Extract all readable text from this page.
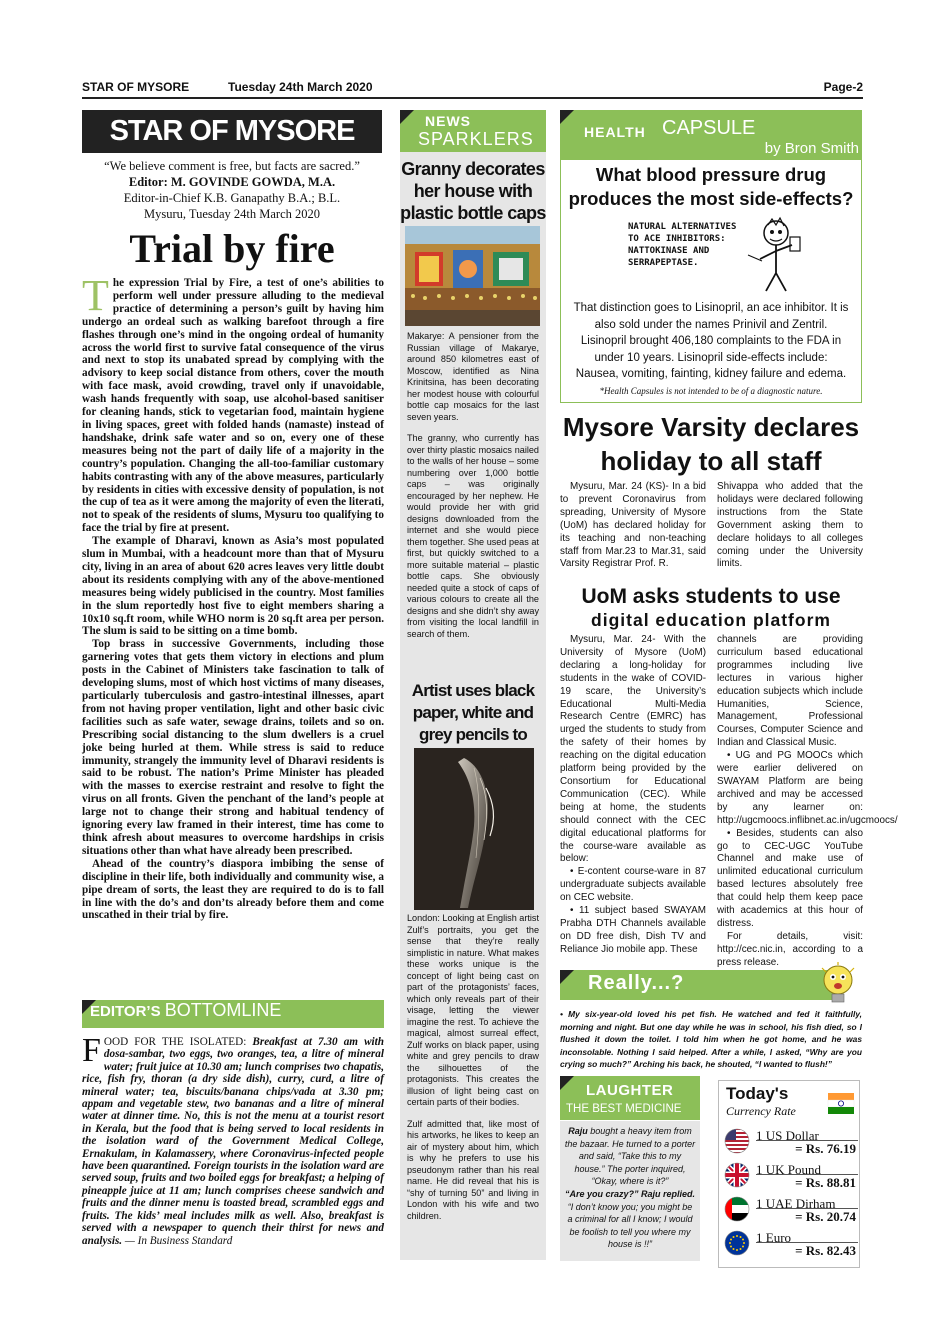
STAR OF MYSORE	Tuesday 24th March 2020	Page-2
STAR OF MYSORE
“We believe comment is free, but facts are sacred.”
Editor: M. GOVINDE GOWDA, M.A.
Editor-in-Chief K.B. Ganapathy B.A.; B.L.
Mysuru, Tuesday 24th March 2020
Trial by fire

The expression Trial by Fire, a test of one’s abilities to perform well under pressure alluding to the medieval practice of determining a person’s guilt by having him undergo an ordeal such as walking barefoot through a fire flashes through one’s mind in the ongoing ordeal of humanity across the world first to survive fatal consequence of the virus and next to stop its unabated spread by complying with the advisory to keep social distance from others, cover the mouth with face mask, avoid crowding, travel only if unavoidable, wash hands frequently with soap, use alcohol-based sanitiser for cleaning hands, stick to vegetarian food, maintain hygiene in living spaces, greet with folded hands (namaste) instead of handshake, drink safe water and so on, every one of these measures being not the part of daily life of a majority in the country’s population. Changing the all-too-familiar customary habits contrasting with any of the above measures, particularly by residents in cities with excessive density of population, is not the cup of tea as it were among the majority of even the literati, not to speak of the residents of slums, Mysuru too qualifying to face the trial by fire at present.

The example of Dharavi, known as Asia’s most populated slum in Mumbai, with a headcount more than that of Mysuru city, living in an area of about 620 acres leaves very little doubt about its residents complying with any of the above-mentioned measures being widely publicised in the country. Most families in the slum reportedly host five to eight members sharing a 10x10 sq.ft room, while WHO norm is 20 sq.ft area per person. The slum is said to be sitting on a time bomb.

Top brass in successive Governments, including those garnering votes that gets them victory in elections and plum posts in the Cabinet of Ministers take fascination to talk of developing slums, most of which host victims of many diseases, particularly tuberculosis and gastro-intestinal illnesses, apart from not having proper ventilation, light and other basic civic facilities such as safe water, sewage drains, toilets and so on. Prescribing social distancing to the slum dwellers is a cruel joke being hurled at them. While stress is said to reduce immunity, strangely the immunity level of Dharavi residents is said to be robust. The nation’s Prime Minister has pleaded with the masses to exercise restraint and resolve to fight the virus on all fronts. Given the penchant of the land’s people at large not to change their strong and habitual tendency of ignoring every law framed in their interest, time has come to think afresh about measures to overcome hardships in crisis situations other than what have already been prescribed.

Ahead of the country’s diaspora imbibing the sense of discipline in their life, both individually and community wise, a pipe dream of sorts, the least they are required to do is to fall in line with the do’s and don’ts already before them and come unscathed in their trial by fire.

EDITOR’S BOTTOMLINE

FOOD FOR THE ISOLATED: Breakfast at 7.30 am with dosa-sambar, two eggs, two oranges, tea, a litre of mineral water; fruit juice at 10.30 am; lunch comprises two chapatis, rice, fish fry, thoran (a dry side dish), curry, curd, a litre of mineral water; tea, biscuits/banana chips/vada at 3.30 pm; appam and vegetable stew, two bananas and a litre of mineral water at dinner time. No, this is not the menu at a tourist resort in Kerala, but the food that is being served to local residents in the isolation ward of the Government Medical College, Ernakulam, in Kalamassery, where Coronavirus-infected people have been quarantined. Foreign tourists in the isolation ward are served soup, fruits and two boiled eggs for breakfast; a helping of pineapple juice at 11 am; lunch comprises cheese sandwich and fruits and the dinner menu is toasted bread, scrambled eggs and fruits. The kids’ meal includes milk as well. Also, breakfast is served with a newspaper to quench their thirst for news and analysis. — In Business Standard

NEWS
SPARKLERS
Granny decorates her house with plastic bottle caps

Makarye: A pensioner from the Russian village of Makarye, around 850 kilometres east of Moscow, identified as Nina Krinitsina, has been decorating her modest house with colourful bottle cap mosaics for the last seven years.

The granny, who currently has over thirty plastic mosaics nailed to the walls of her house – some numbering over 1,000 bottle caps – was originally encouraged by her nephew. He would provide her with grid designs downloaded from the internet and she would piece them together. She used peas at first, but quickly switched to a more suitable material – plastic bottle caps. She obviously needed quite a stock of caps of various colours to create all the designs and she didn’t shy away from visiting the local landfill in search of them.

Artist uses black paper, white and grey pencils to

London: Looking at English artist Zulf’s portraits, you get the sense that they’re really simplistic in nature. What makes these works unique is the concept of light being cast on part of the protagonists’ faces, which only reveals part of their visage, letting the viewer imagine the rest. To achieve the magical, almost surreal effect, Zulf works on black paper, using white and grey pencils to draw the silhouettes of the protagonists. This creates the illusion of light being cast on certain parts of their bodies.

Zulf admitted that, like most of his artworks, he likes to keep an air of mystery about him, which is why he prefers to use his pseudonym rather than his real name. He did reveal that his is “shy of turning 50” and living in London with his wife and two children.

HEALTH CAPSULE
by Bron Smith
What blood pressure drug produces the most side-effects?
NATURAL ALTERNATIVES TO ACE INHIBITORS: NATTOKINASE AND SERRAPEPTASE.
That distinction goes to Lisinopril, an ace inhibitor. It is also sold under the names Prinivil and Zentril. Lisinopril brought 406,180 complaints to the FDA in under 10 years. Lisinopril side-effects include: Nausea, vomiting, fainting, kidney failure and edema.
*Health Capsules is not intended to be of a diagnostic nature.
Mysore Varsity declares holiday to all staff

Mysuru, Mar. 24 (KS)- In a bid to prevent Coronavirus from spreading, University of Mysore (UoM) has declared holiday for its teaching and non-teaching staff from Mar.23 to Mar.31, said Varsity Registrar Prof. R.

Shivappa who added that the holidays were declared following instructions from the State Government asking them to declare holidays to all colleges coming under the University limits.

UoM asks students to use
digital education platform

Mysuru, Mar. 24- With the University of Mysore (UoM) declaring a long-holiday for students in the wake of COVID-19 scare, the University’s Educational Multi-Media Research Centre (EMRC) has urged the students to study from the safety of their homes by reaching on the digital education platform being provided by the Consortium for Educational Communication (CEC). While being at home, the students should connect with the CEC digital educational platforms for the course-ware available as below:

• E-content course-ware in 87 undergraduate subjects available on CEC website.

• 11 subject based SWAYAM Prabha DTH Channels available on DD free dish, Dish TV and Reliance Jio mobile app. These

channels are providing curriculum based educational programmes including live lectures in various higher education subjects which include Humanities, Science, Management, Professional Courses, Computer Science and Indian and Classical Music.

• UG and PG MOOCs which were earlier delivered on SWAYAM Platform are being archived and may be accessed by any learner on: http://ugcmoocs.inflibnet.ac.in/ugcmoocs/

• Besides, students can also go to CEC-UGC YouTube Channel and make use of unlimited educational curriculum based lectures absolutely free that could help them keep pace with academics at this hour of distress.

For details, visit: http://cec.nic.in, according to a press release.

Really...?

• My six-year-old loved his pet fish. He watched and fed it faithfully, morning and night. But one day while he was in school, his fish died, so I flushed it down the toilet. I told him when he got home, and he was inconsolable. Nothing I said helped. After a while, I asked, “Why are you crying so much?” Arching his back, he shouted, “I wanted to flush!”

LAUGHTER
THE BEST MEDICINE

Raju bought a heavy item from the bazaar. He turned to a porter and said, “Take this to my house.” The porter inquired, “Okay, where is it?”

“Are you crazy?” Raju replied.

“I don’t know you; you might be a criminal for all I know; I would be foolish to tell you where my house is !!”

Today's
Currency Rate
1 US Dollar
= Rs. 76.19
1 UK Pound
= Rs. 88.81
1 UAE Dirham
= Rs. 20.74
1 Euro
= Rs. 82.43
